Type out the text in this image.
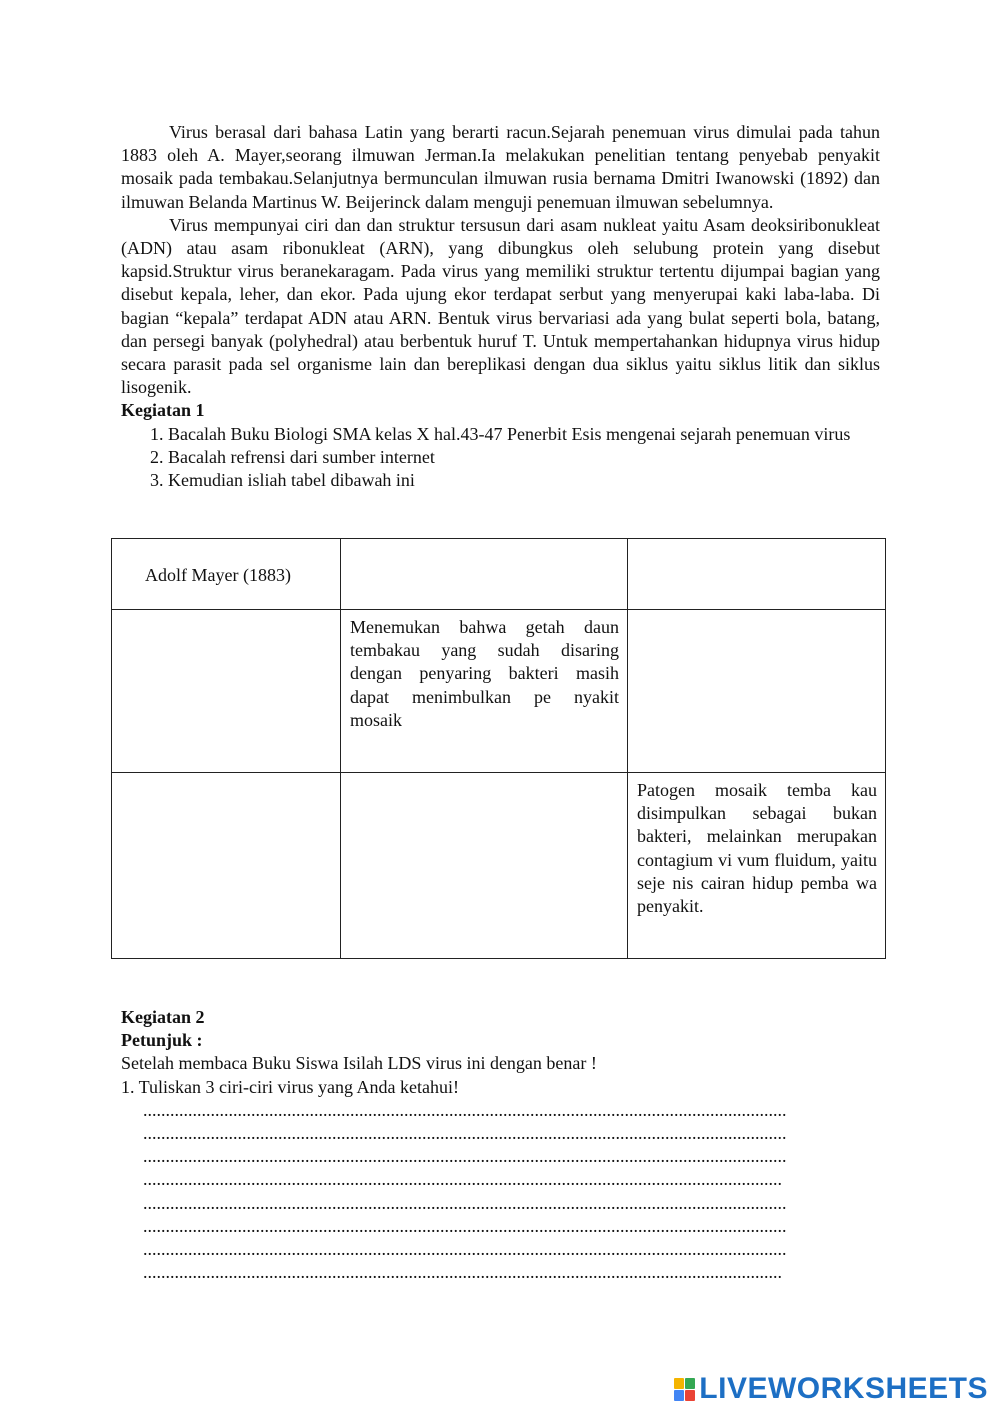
Virus berasal dari bahasa Latin yang berarti racun.Sejarah penemuan virus dimulai pada tahun 1883 oleh A. Mayer,seorang ilmuwan Jerman.Ia melakukan penelitian tentang penyebab penyakit mosaik pada tembakau.Selanjutnya bermunculan ilmuwan rusia bernama Dmitri Iwanowski (1892) dan ilmuwan Belanda Martinus W. Beijerinck dalam menguji penemuan ilmuwan sebelumnya.

Virus mempunyai ciri dan dan struktur tersusun dari asam nukleat yaitu Asam deoksiribonukleat (ADN) atau asam ribonukleat (ARN), yang dibungkus oleh selubung protein yang disebut kapsid.Struktur virus beranekaragam. Pada virus yang memiliki struktur tertentu dijumpai bagian yang disebut kepala, leher, dan ekor. Pada ujung ekor terdapat serbut yang menyerupai kaki laba-laba. Di bagian “kepala” terdapat ADN atau ARN. Bentuk virus bervariasi ada yang bulat seperti bola, batang, dan persegi banyak (polyhedral) atau berbentuk huruf T. Untuk mempertahankan hidupnya virus hidup secara parasit pada sel organisme lain dan bereplikasi dengan dua siklus yaitu siklus litik dan siklus lisogenik.

Kegiatan 1

1. Bacalah Buku Biologi SMA kelas X hal.43-47 Penerbit Esis mengenai sejarah penemuan virus
2. Bacalah refrensi dari sumber internet
3. Kemudian isliah tabel dibawah ini
Adolf Mayer (1883)		

	Menemukan bahwa getah daun tembakau yang sudah disaring dengan penyaring bakteri masih dapat menimbulkan pe nyakit mosaik	

		Patogen mosaik temba kau disimpulkan sebagai bukan bakteri, melainkan merupakan contagium vi vum fluidum, yaitu seje nis cairan hidup pemba wa penyakit.

Kegiatan 2

Petunjuk :

Setelah membaca Buku Siswa Isilah LDS virus ini dengan benar !

1. Tuliskan 3 ciri-ciri virus yang Anda ketahui!

...............................................................................................................................................

...............................................................................................................................................

...............................................................................................................................................

..............................................................................................................................................

...............................................................................................................................................

...............................................................................................................................................

...............................................................................................................................................

..............................................................................................................................................

LIVEWORKSHEETS
